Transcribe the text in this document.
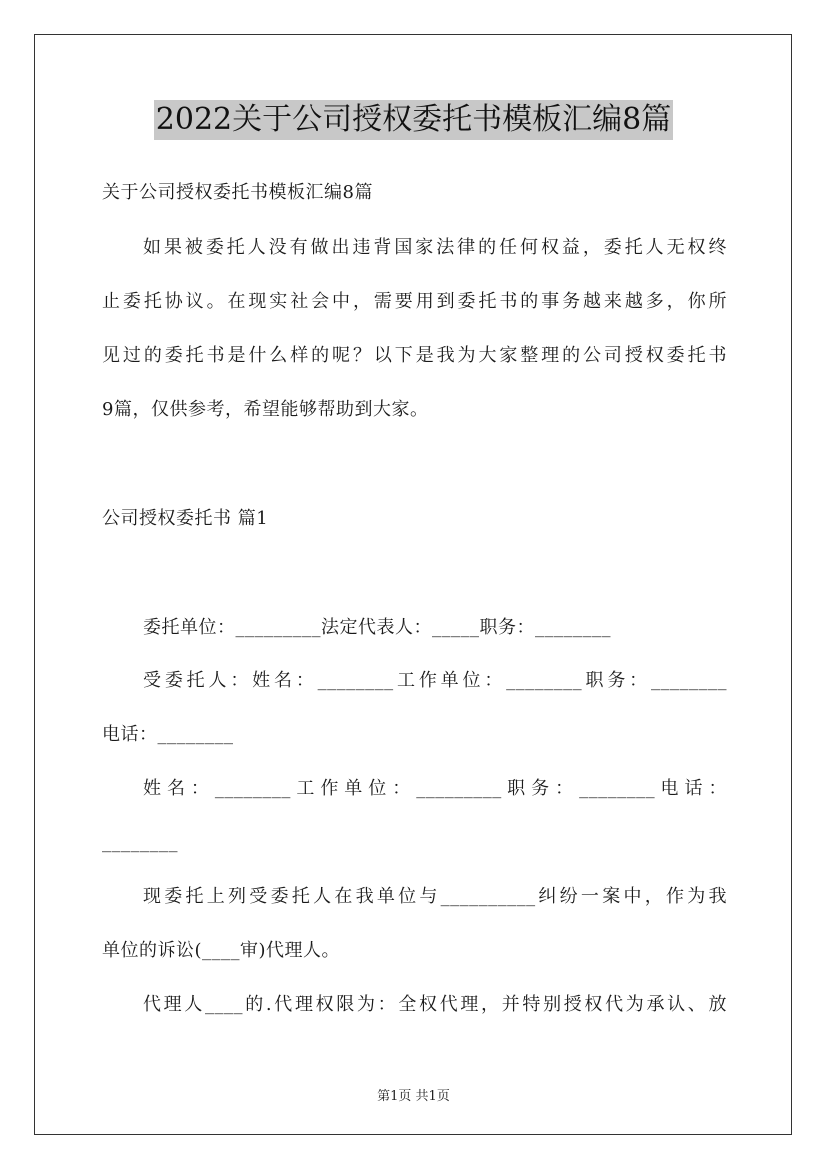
2022关于公司授权委托书模板汇编8篇
关于公司授权委托书模板汇编8篇
如果被委托人没有做出违背国家法律的任何权益，委托人无权终
止委托协议。在现实社会中，需要用到委托书的事务越来越多，你所
见过的委托书是什么样的呢？以下是我为大家整理的公司授权委托书
9篇，仅供参考，希望能够帮助到大家。
公司授权委托书 篇1
委托单位：_________法定代表人：_____职务：________
受委托人：姓名：________工作单位：________职务：________
电话：________
姓名：________工作单位：_________职务：________电话：
________
现委托上列受委托人在我单位与__________纠纷一案中，作为我
单位的诉讼(____审)代理人。
代理人____的.代理权限为：全权代理，并特别授权代为承认、放
第1页 共1页
